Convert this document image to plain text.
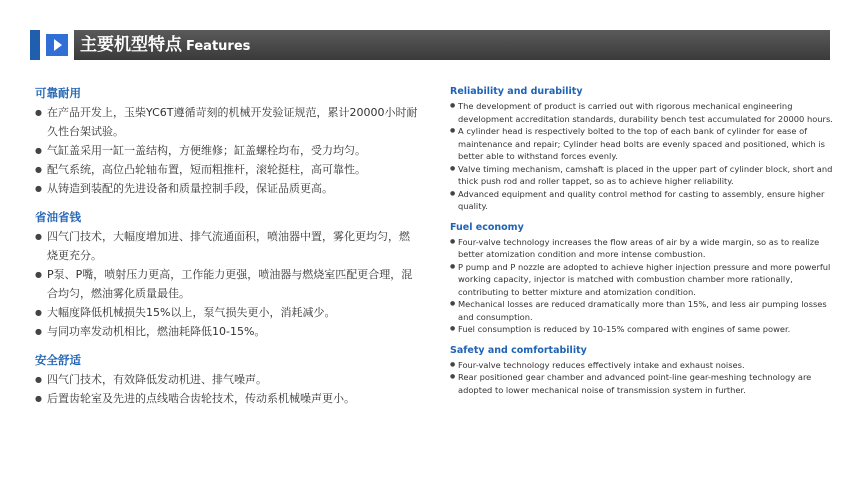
主要机型特点 Features
可靠耐用
● 在产品开发上，玉柴YC6T遵循苛刻的机械开发验证规范，累计20000小时耐久性台架试验。
● 气缸盖采用一缸一盖结构，方便维修；缸盖螺栓均布，受力均匀。
● 配气系统，高位凸轮轴布置，短而粗推杆，滚轮挺柱，高可靠性。
● 从铸造到装配的先进设备和质量控制手段，保证品质更高。
省油省钱
● 四气门技术，大幅度增加进、排气流通面积，喷油器中置，雾化更均匀，燃烧更充分。
● P泵、P嘴，喷射压力更高，工作能力更强，喷油器与燃烧室匹配更合理，混合均匀，燃油雾化质量最佳。
● 大幅度降低机械损失15%以上，泵气损失更小，消耗减少。
● 与同功率发动机相比，燃油耗降低10-15%。
安全舒适
● 四气门技术，有效降低发动机进、排气噪声。
● 后置齿轮室及先进的点线啮合齿轮技术，传动系机械噪声更小。
Reliability and durability
● The development of product is carried out with rigorous mechanical engineering development accreditation standards, durability bench test accumulated for 20000 hours.
● A cylinder head is respectively bolted to the top of each bank of cylinder for ease of maintenance and repair; Cylinder head bolts are evenly spaced and positioned, which is better able to withstand forces evenly.
● Valve timing mechanism, camshaft is placed in the upper part of cylinder block, short and thick push rod and roller tappet, so as to achieve higher reliability.
● Advanced equipment and quality control method for casting to assembly, ensure higher quality.
Fuel economy
● Four-valve technology increases the flow areas of air by a wide margin, so as to realize better atomization condition and more intense combustion.
● P pump and P nozzle are adopted to achieve higher injection pressure and more powerful working capacity, injector is matched with combustion chamber more rationally, contributing to better mixture and atomization condition.
● Mechanical losses are reduced dramatically more than 15%, and less air pumping losses and consumption.
● Fuel consumption is reduced by 10-15% compared with engines of same power.
Safety and comfortability
● Four-valve technology reduces effectively intake and exhaust noises.
● Rear positioned gear chamber and advanced point-line gear-meshing technology are adopted to lower mechanical noise of transmission system in further.
